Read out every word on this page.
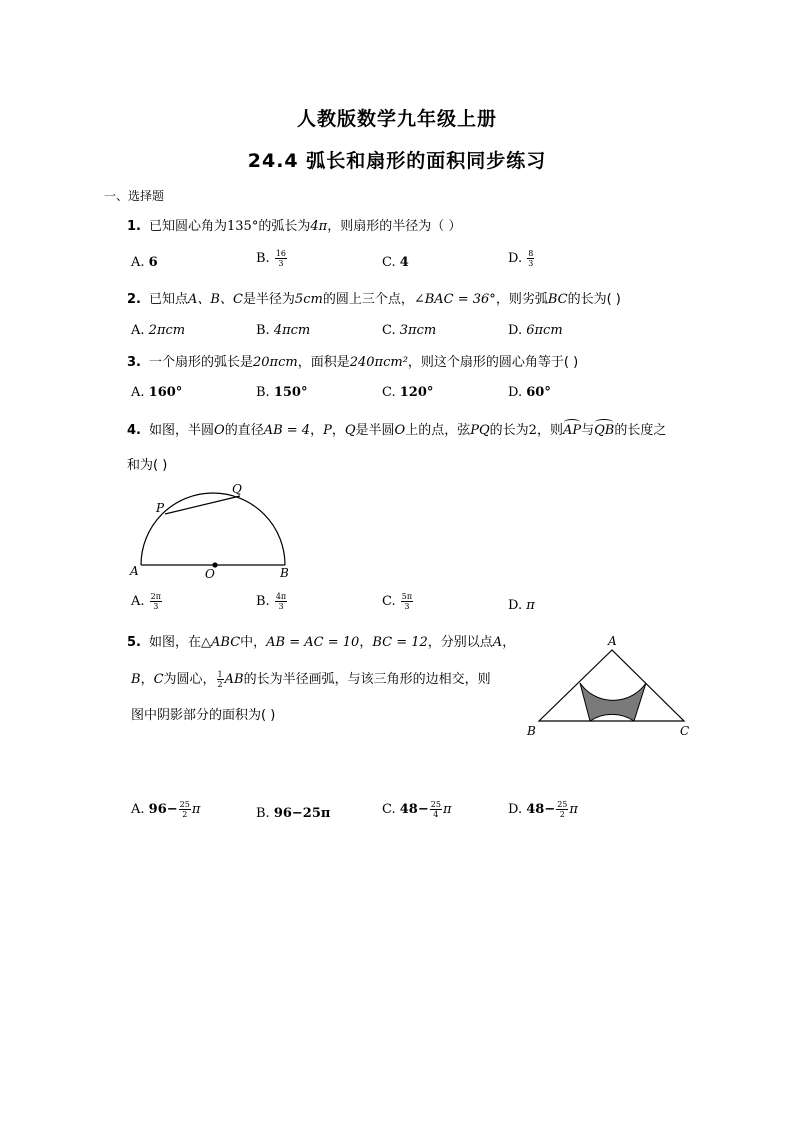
人教版数学九年级上册
24.4 弧长和扇形的面积同步练习
一、选择题
1. 已知圆心角为135°的弧长为4π，则扇形的半径为（ ）
A. 6	B. $\frac{16}{3}$	C. 4	D. $\frac{8}{3}$
2. 已知点A、B、C是半径为5cm的圆上三个点，∠BAC = 36°，则劣弧BC的长为( )
A. 2πcm	B. 4πcm	C. 3πcm	D. 6πcm
3. 一个扇形的弧长是20πcm，面积是240πcm²，则这个扇形的圆心角等于( )
A. 160°	B. 150°	C. 120°	D. 60°
4. 如图，半圆O的直径AB = 4，P，Q是半圆O上的点，弦PQ的长为2，则AP与QB的长度之
和为( )
P
Q
A	O	B
A. $\frac{2\pi}{3}$	B. $\frac{4\pi}{3}$	C. $\frac{5\pi}{3}$	D. π
5. 如图，在△ABC中，AB = AC = 10，BC = 12，分别以点A，
B，C为圆心， $\frac{1}{2}$ AB的长为半径画弧，与该三角形的边相交，则
图中阴影部分的面积为( )
A
B	C
A. $96- \frac{25}{2}$ π	B. 96−25π	C. $48- \frac{25}{4}$ π	D. $48- \frac{25}{2}$ π
